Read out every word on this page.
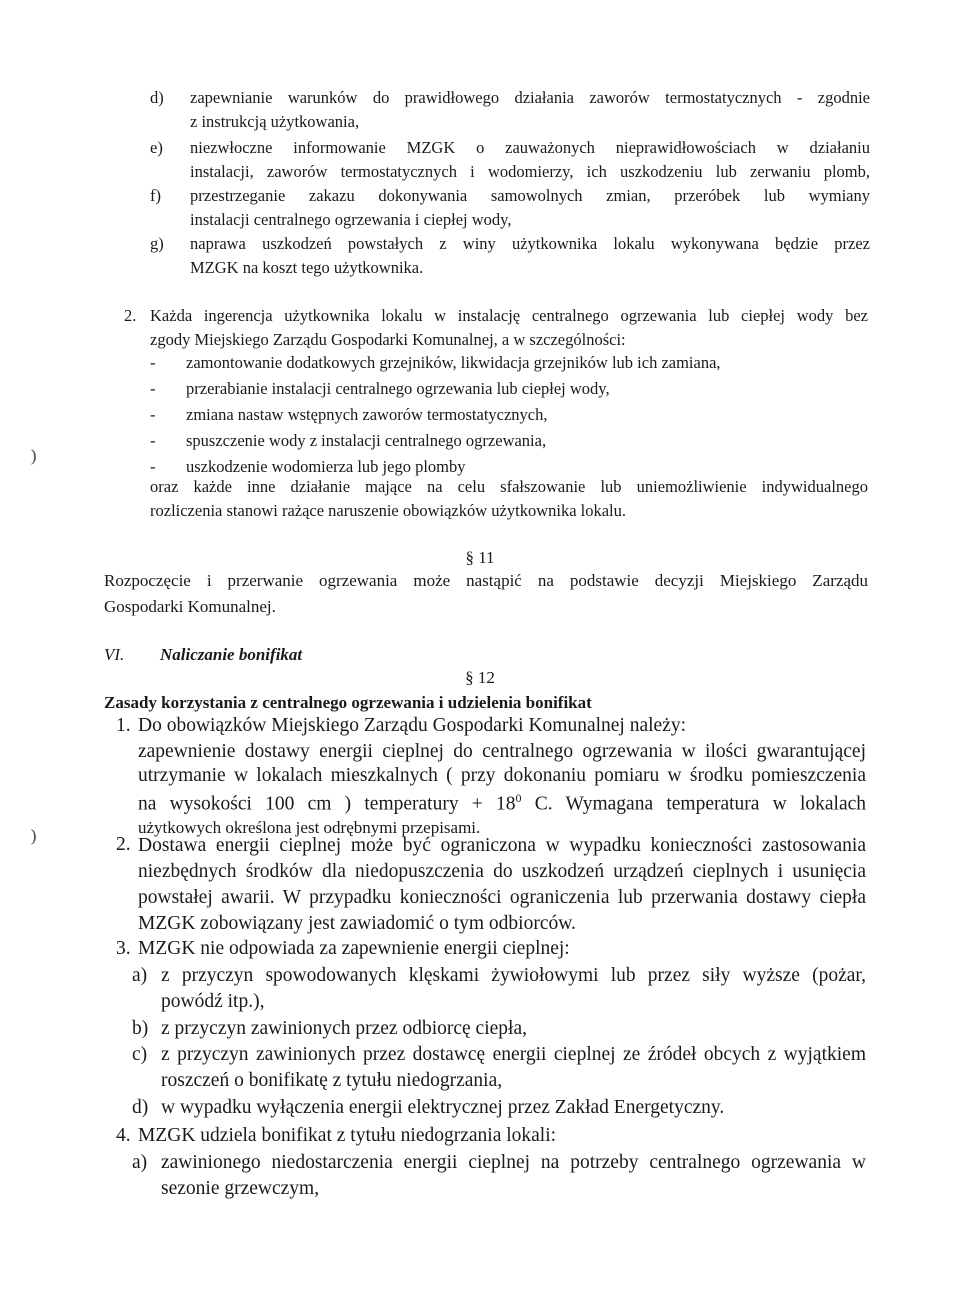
d) zapewnianie warunków do prawidłowego działania zaworów termostatycznych - zgodnie
z instrukcją użytkowania,
e) niezwłoczne informowanie MZGK o zauważonych nieprawidłowościach w działaniu
instalacji, zaworów termostatycznych i wodomierzy, ich uszkodzeniu lub zerwaniu plomb,
f) przestrzeganie zakazu dokonywania samowolnych zmian, przeróbek lub wymiany
instalacji centralnego ogrzewania i ciepłej wody,
g) naprawa uszkodzeń powstałych z winy użytkownika lokalu wykonywana będzie przez
MZGK na koszt tego użytkownika.
2. Każda ingerencja użytkownika lokalu w instalację centralnego ogrzewania lub ciepłej wody bez
zgody Miejskiego Zarządu Gospodarki Komunalnej, a w szczególności:
- zamontowanie dodatkowych grzejników, likwidacja grzejników lub ich zamiana,
- przerabianie instalacji centralnego ogrzewania lub ciepłej wody,
- zmiana nastaw wstępnych zaworów termostatycznych,
- spuszczenie wody z instalacji centralnego ogrzewania,
- uszkodzenie wodomierza lub jego plomby
oraz każde inne działanie mające na celu sfałszowanie lub uniemożliwienie indywidualnego
rozliczenia stanowi rażące naruszenie obowiązków użytkownika lokalu.
§ 11
Rozpoczęcie i przerwanie ogrzewania może nastąpić na podstawie decyzji Miejskiego Zarządu
Gospodarki Komunalnej.
VI. Naliczanie bonifikat
§ 12
Zasady korzystania z centralnego ogrzewania i udzielenia bonifikat
1. Do obowiązków Miejskiego Zarządu Gospodarki Komunalnej należy:
zapewnienie dostawy energii cieplnej do centralnego ogrzewania w ilości gwarantującej
utrzymanie w lokalach mieszkalnych ( przy dokonaniu pomiaru w środku pomieszczenia
na wysokości 100 cm ) temperatury + $18^0$ C. Wymagana temperatura w lokalach
użytkowych określona jest odrębnymi przepisami.
2. Dostawa energii cieplnej może być ograniczona w wypadku konieczności zastosowania
niezbędnych środków dla niedopuszczenia do uszkodzeń urządzeń cieplnych i usunięcia
powstałej awarii. W przypadku konieczności ograniczenia lub przerwania dostawy ciepła
MZGK zobowiązany jest zawiadomić o tym odbiorców.
3. MZGK nie odpowiada za zapewnienie energii cieplnej:
a) z przyczyn spowodowanych klęskami żywiołowymi lub przez siły wyższe (pożar,
powódź itp.),
b) z przyczyn zawinionych przez odbiorcę ciepła,
c) z przyczyn zawinionych przez dostawcę energii cieplnej ze źródeł obcych z wyjątkiem
roszczeń o bonifikatę z tytułu niedogrzania,
d) w wypadku wyłączenia energii elektrycznej przez Zakład Energetyczny.
4. MZGK udziela bonifikat z tytułu niedogrzania lokali:
a) zawinionego niedostarczenia energii cieplnej na potrzeby centralnego ogrzewania w
sezonie grzewczym,
⁾
⁾
